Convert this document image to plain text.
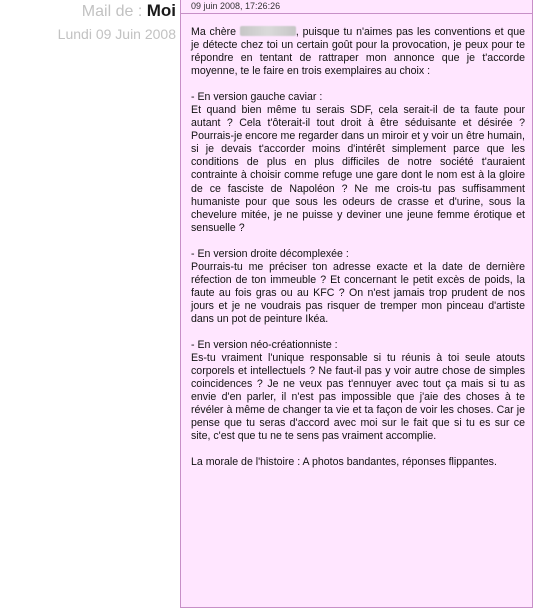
Mail de : Moi
Lundi 09 Juin 2008
09 juin 2008, 17:26:26

Ma chère	, puisque tu n'aimes pas les conventions et que je détecte chez toi un certain goût pour la provocation, je peux pour te répondre en tentant de rattraper mon annonce que je t'accorde moyenne, te le faire en trois exemplaires au choix :

- En version gauche caviar :
Et quand bien même tu serais SDF, cela serait-il de ta faute pour autant ? Cela t'ôterait-il tout droit à être séduisante et désirée ? Pourrais-je encore me regarder dans un miroir et y voir un être humain, si je devais t'accorder moins d'intérêt simplement parce que les conditions de plus en plus difficiles de notre société t'auraient contrainte à choisir comme refuge une gare dont le nom est à la gloire de ce fasciste de Napoléon ? Ne me crois-tu pas suffisamment humaniste pour que sous les odeurs de crasse et d'urine, sous la chevelure mitée, je ne puisse y deviner une jeune femme érotique et sensuelle ?

- En version droite décomplexée :
Pourrais-tu me préciser ton adresse exacte et la date de dernière réfection de ton immeuble ? Et concernant le petit excès de poids, la faute au fois gras ou au KFC ? On n'est jamais trop prudent de nos jours et je ne voudrais pas risquer de tremper mon pinceau d'artiste dans un pot de peinture Ikéa.

- En version néo-créationniste :
Es-tu vraiment l'unique responsable si tu réunis à toi seule atouts corporels et intellectuels ? Ne faut-il pas y voir autre chose de simples coincidences ? Je ne veux pas t'ennuyer avec tout ça mais si tu as envie d'en parler, il n'est pas impossible que j'aie des choses à te révéler à même de changer ta vie et ta façon de voir les choses. Car je pense que tu seras d'accord avec moi sur le fait que si tu es sur ce site, c'est que tu ne te sens pas vraiment accomplie.

La morale de l'histoire : A photos bandantes, réponses flippantes.
